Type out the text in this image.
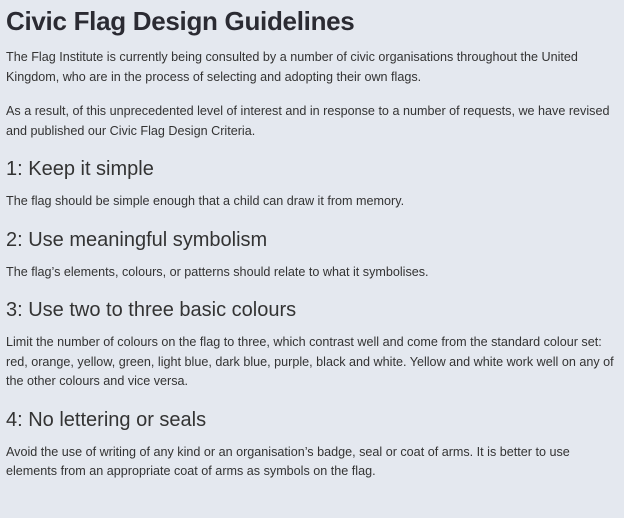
Civic Flag Design Guidelines

The Flag Institute is currently being consulted by a number of civic organisations throughout the United Kingdom, who are in the process of selecting and adopting their own flags.

As a result, of this unprecedented level of interest and in response to a number of requests, we have revised and published our Civic Flag Design Criteria.

1: Keep it simple

The flag should be simple enough that a child can draw it from memory.

2: Use meaningful symbolism

The flag’s elements, colours, or patterns should relate to what it symbolises.

3: Use two to three basic colours

Limit the number of colours on the flag to three, which contrast well and come from the standard colour set: red, orange, yellow, green, light blue, dark blue, purple, black and white. Yellow and white work well on any of the other colours and vice versa.

4: No lettering or seals

Avoid the use of writing of any kind or an organisation’s badge, seal or coat of arms. It is better to use elements from an appropriate coat of arms as symbols on the flag.
